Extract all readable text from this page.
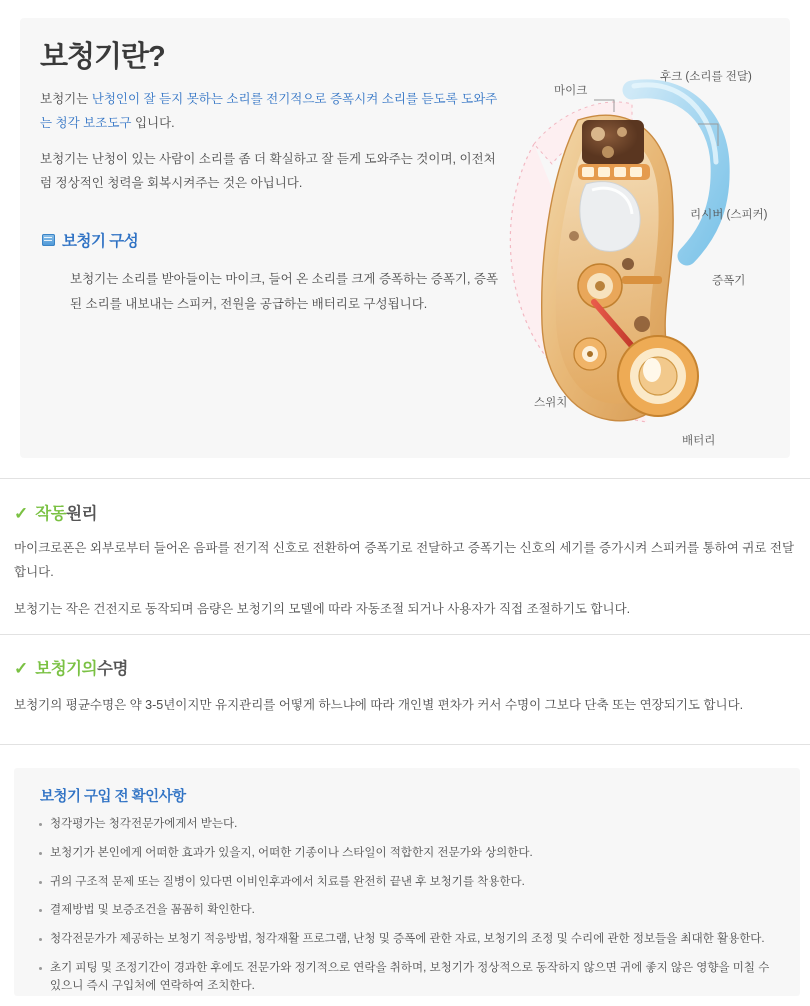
보청기란?

보청기는 난청인이 잘 듣지 못하는 소리를 전기적으로 증폭시켜 소리를 듣도록 도와주는 청각 보조도구 입니다.

보청기는 난청이 있는 사람이 소리를 좀 더 확실하고 잘 듣게 도와주는 것이며, 이전처럼 정상적인 청력을 회복시켜주는 것은 아닙니다.

보청기 구성

보청기는 소리를 받아들이는 마이크, 들어 온 소리를 크게 증폭하는 증폭기, 증폭된 소리를 내보내는 스피커, 전원을 공급하는 배터리로 구성됩니다.

후크 (소리를 전달)
마이크
리시버 (스피커)
증폭기
스위치
배터리
✓ 작동 원리

마이크로폰은 외부로부터 들어온 음파를 전기적 신호로 전환하여 증폭기로 전달하고 증폭기는 신호의 세기를 증가시켜 스피커를 통하여 귀로 전달합니다.

보청기는 작은 건전지로 동작되며 음량은 보청기의 모델에 따라 자동조절 되거나 사용자가 직접 조절하기도 합니다.

✓ 보청기의 수명

보청기의 평균수명은 약 3-5년이지만 유지관리를 어떻게 하느냐에 따라 개인별 편차가 커서 수명이 그보다 단축 또는 연장되기도 합니다.

보청기 구입 전 확인사항
청각평가는 청각전문가에게서 받는다.
보청기가 본인에게 어떠한 효과가 있을지, 어떠한 기종이나 스타일이 적합한지 전문가와 상의한다.
귀의 구조적 문제 또는 질병이 있다면 이비인후과에서 치료를 완전히 끝낸 후 보청기를 착용한다.
결제방법 및 보증조건을 꼼꼼히 확인한다.
청각전문가가 제공하는 보청기 적응방법, 청각재활 프로그램, 난청 및 증폭에 관한 자료, 보청기의 조정 및 수리에 관한 정보들을 최대한 활용한다.
초기 피팅 및 조정기간이 경과한 후에도 전문가와 정기적으로 연락을 취하며, 보청기가 정상적으로 동작하지 않으면 귀에 좋지 않은 영향을 미칠 수 있으니 즉시 구입처에 연락하여 조치한다.
